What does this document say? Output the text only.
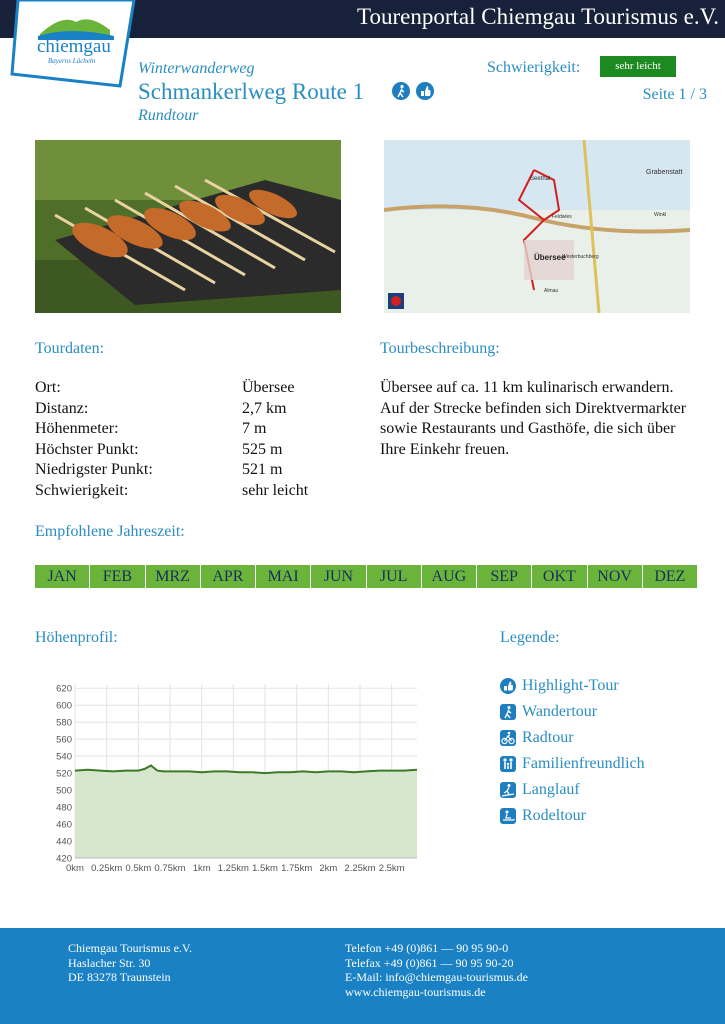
Tourenportal Chiemgau Tourismus e.V.
chiemgau
Bayerns Lächeln	Winterwanderweg
Schmankerlweg Route 1
Rundtour
Schwierigkeit:	sehr leicht
Seite 1 / 3
Seethal
Grabenstatt
Übersee
Feldwies
Westerbuchberg
Almau
Winkl
Tourdaten:	Tourbeschreibung:
Ort:	Übersee
Distanz:	2,7 km
Höhenmeter:	7 m
Höchster Punkt:	525 m
Niedrigster Punkt:	521 m
Schwierigkeit:	sehr leicht
Übersee auf ca. 11 km kulinarisch erwandern. Auf der Strecke befinden sich Direktvermarkter sowie Restaurants und Gasthöfe, die sich über Ihre Einkehr freuen.
Empfohlene Jahreszeit:
JAN	FEB	MRZ	APR	MAI	JUN	JUL	AUG	SEP	OKT	NOV	DEZ
Höhenprofil:
420
440
460
480
500
520
540
560
580
600
620
0km 0.25km 0.5km 0.75km 1km 1.25km 1.5km 1.75km 2km 2.25km 2.5km
Legende:
Highlight-Tour
Wandertour
Radtour
Familienfreundlich
Langlauf
Rodeltour
Chiemgau Tourismus e.V.
Haslacher Str. 30
DE 83278 Traunstein
Telefon +49 (0)861 — 90 95 90-0
Telefax +49 (0)861 — 90 95 90-20
E-Mail: info@chiemgau-tourismus.de
www.chiemgau-tourismus.de
